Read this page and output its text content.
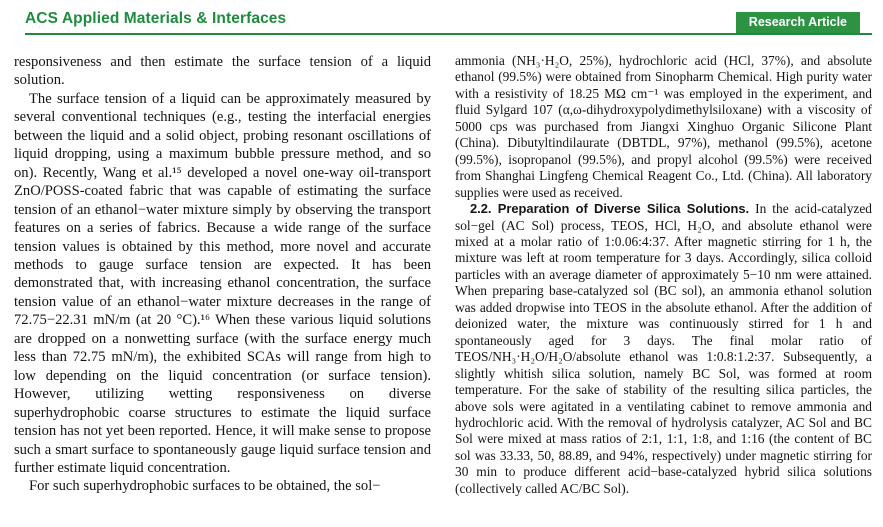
ACS Applied Materials & Interfaces	Research Article

responsiveness and then estimate the surface tension of a liquid solution.

The surface tension of a liquid can be approximately measured by several conventional techniques (e.g., testing the interfacial energies between the liquid and a solid object, probing resonant oscillations of liquid dropping, using a maximum bubble pressure method, and so on). Recently, Wang et al.¹⁵ developed a novel one-way oil-transport ZnO/POSS-coated fabric that was capable of estimating the surface tension of an ethanol−water mixture simply by observing the transport features on a series of fabrics. Because a wide range of the surface tension values is obtained by this method, more novel and accurate methods to gauge surface tension are expected. It has been demonstrated that, with increasing ethanol concentration, the surface tension value of an ethanol−water mixture decreases in the range of 72.75−22.31 mN/m (at 20 °C).¹⁶ When these various liquid solutions are dropped on a nonwetting surface (with the surface energy much less than 72.75 mN/m), the exhibited SCAs will range from high to low depending on the liquid concentration (or surface tension). However, utilizing wetting responsiveness on diverse superhydrophobic coarse structures to estimate the liquid surface tension has not yet been reported. Hence, it will make sense to propose such a smart surface to spontaneously gauge liquid surface tension and further estimate liquid concentration.

For such superhydrophobic surfaces to be obtained, the sol−

ammonia (NH₃·H₂O, 25%), hydrochloric acid (HCl, 37%), and absolute ethanol (99.5%) were obtained from Sinopharm Chemical. High purity water with a resistivity of 18.25 MΩ cm⁻¹ was employed in the experiment, and fluid Sylgard 107 (α,ω-dihydroxypolydimethylsiloxane) with a viscosity of 5000 cps was purchased from Jiangxi Xinghuo Organic Silicone Plant (China). Dibutyltindilaurate (DBTDL, 97%), methanol (99.5%), acetone (99.5%), isopropanol (99.5%), and propyl alcohol (99.5%) were received from Shanghai Lingfeng Chemical Reagent Co., Ltd. (China). All laboratory supplies were used as received.

2.2. Preparation of Diverse Silica Solutions. In the acid-catalyzed sol−gel (AC Sol) process, TEOS, HCl, H₂O, and absolute ethanol were mixed at a molar ratio of 1:0.06:4:37. After magnetic stirring for 1 h, the mixture was left at room temperature for 3 days. Accordingly, silica colloid particles with an average diameter of approximately 5−10 nm were attained. When preparing base-catalyzed sol (BC sol), an ammonia ethanol solution was added dropwise into TEOS in the absolute ethanol. After the addition of deionized water, the mixture was continuously stirred for 1 h and spontaneously aged for 3 days. The final molar ratio of TEOS/NH₃·H₂O/H₂O/absolute ethanol was 1:0.8:1.2:37. Subsequently, a slightly whitish silica solution, namely BC Sol, was formed at room temperature. For the sake of stability of the resulting silica particles, the above sols were agitated in a ventilating cabinet to remove ammonia and hydrochloric acid. With the removal of hydrolysis catalyzer, AC Sol and BC Sol were mixed at mass ratios of 2:1, 1:1, 1:8, and 1:16 (the content of BC sol was 33.33, 50, 88.89, and 94%, respectively) under magnetic stirring for 30 min to produce different acid−base-catalyzed hybrid silica solutions (collectively called AC/BC Sol).
